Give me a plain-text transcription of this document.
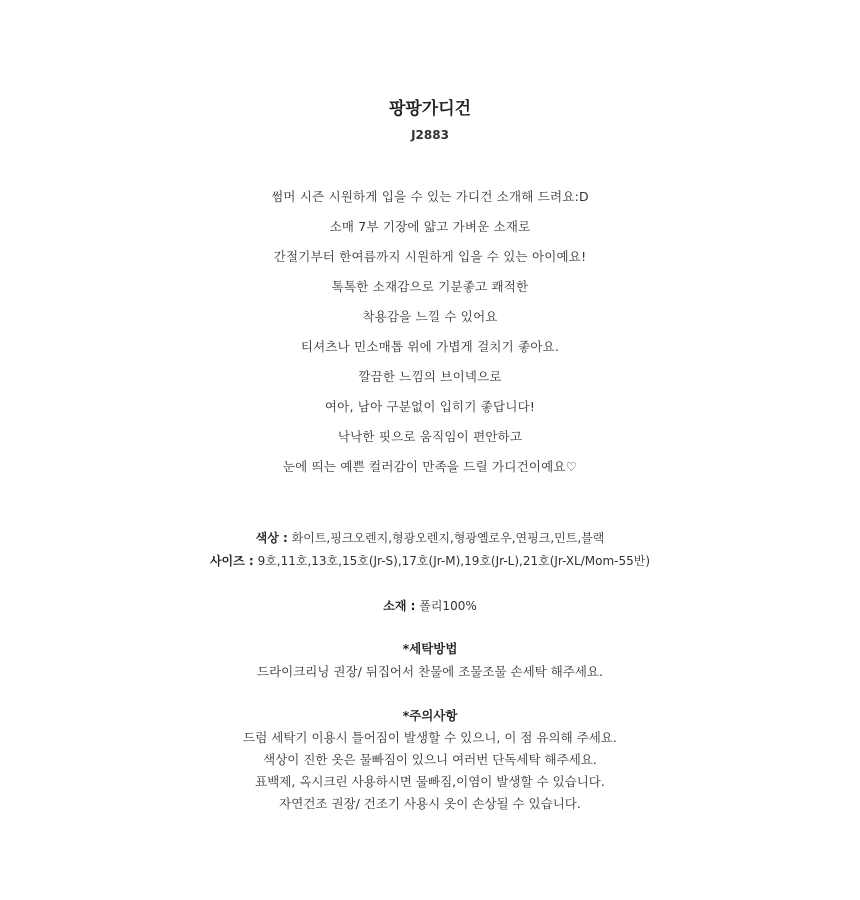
팡팡가디건
J2883
썸머 시즌 시원하게 입을 수 있는 가디건 소개해 드려요:D
소매 7부 기장에 얇고 가벼운 소재로
간절기부터 한여름까지 시원하게 입을 수 있는 아이예요!
톡톡한 소재감으로 기분좋고 쾌적한
착용감을 느낄 수 있어요
티셔츠나 민소매톱 위에 가볍게 걸치기 좋아요.
깔끔한 느낌의 브이넥으로
여아, 남아 구분없이 입히기 좋답니다!
낙낙한 핏으로 움직임이 편안하고
눈에 띄는 예쁜 컬러감이 만족을 드릴 가디건이예요♡
색상 : 화이트,핑크오렌지,형광오렌지,형광옐로우,연핑크,민트,블랙
사이즈 : 9호,11호,13호,15호(Jr-S),17호(Jr-M),19호(Jr-L),21호(Jr-XL/Mom-55반)
소재 : 폴리100%
*세탁방법
드라이크리닝 권장/ 뒤집어서 찬물에 조물조물 손세탁 해주세요.
*주의사항
드럼 세탁기 이용시 틀어짐이 발생할 수 있으니, 이 점 유의해 주세요.
색상이 진한 옷은 물빠짐이 있으니 여러번 단독세탁 해주세요.
표백제, 옥시크린 사용하시면 물빠짐,이염이 발생할 수 있습니다.
자연건조 권장/ 건조기 사용시 옷이 손상될 수 있습니다.
